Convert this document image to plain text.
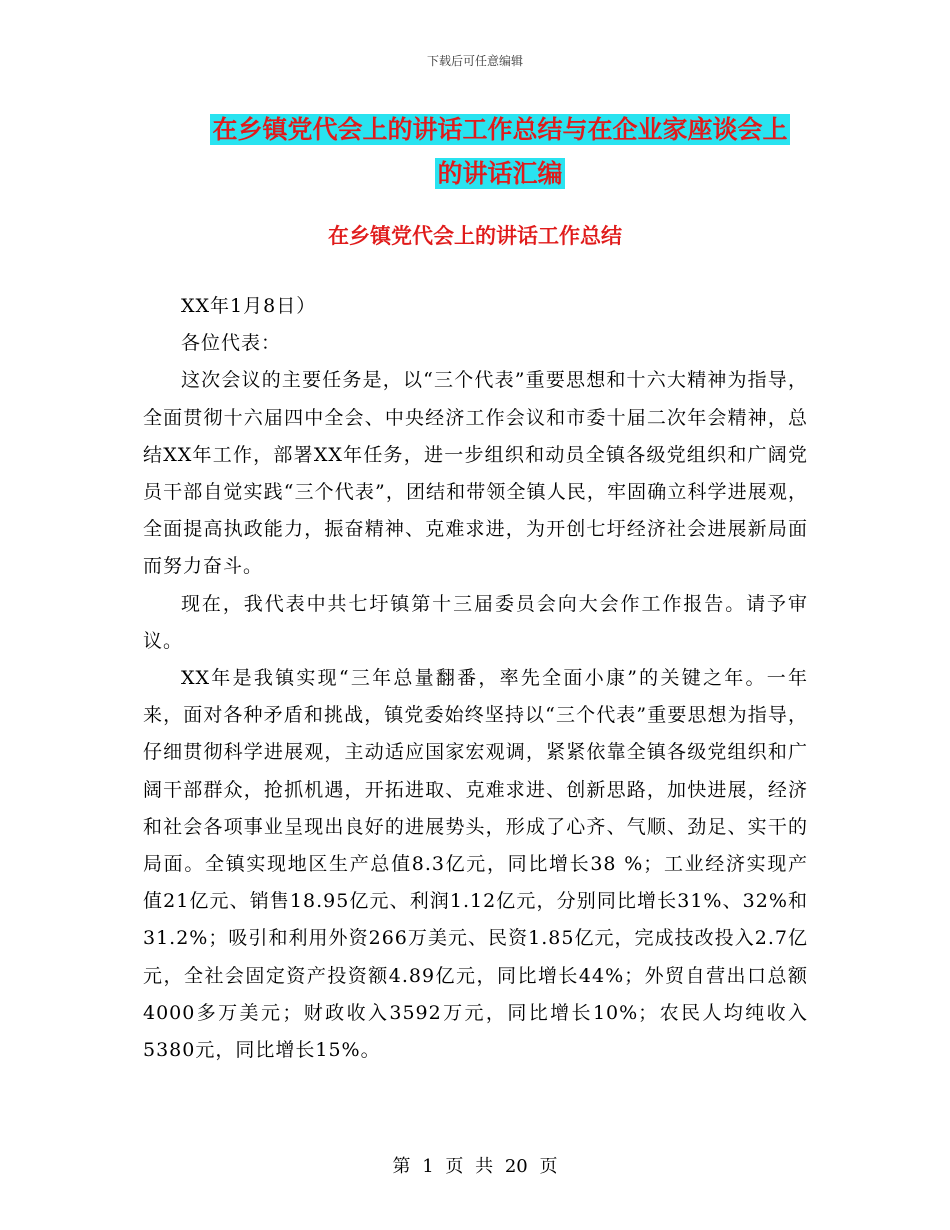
下载后可任意编辑
在乡镇党代会上的讲话工作总结与在企业家座谈会上
的讲话汇编
在乡镇党代会上的讲话工作总结

XX年1月8日）

各位代表：

这次会议的主要任务是，以“三个代表”重要思想和十六大精神为指导，全面贯彻十六届四中全会、中央经济工作会议和市委十届二次年会精神，总结XX年工作，部署XX年任务，进一步组织和动员全镇各级党组织和广阔党员干部自觉实践“三个代表”，团结和带领全镇人民，牢固确立科学进展观，全面提高执政能力，振奋精神、克难求进，为开创七圩经济社会进展新局面而努力奋斗。

现在，我代表中共七圩镇第十三届委员会向大会作工作报告。请予审议。

XX年是我镇实现“三年总量翻番，率先全面小康”的关键之年。一年来，面对各种矛盾和挑战，镇党委始终坚持以“三个代表”重要思想为指导，仔细贯彻科学进展观，主动适应国家宏观调，紧紧依靠全镇各级党组织和广阔干部群众，抢抓机遇，开拓进取、克难求进、创新思路，加快进展，经济和社会各项事业呈现出良好的进展势头，形成了心齐、气顺、劲足、实干的局面。全镇实现地区生产总值8.3亿元，同比增长38 %；工业经济实现产值21亿元、销售18.95亿元、利润1.12亿元，分别同比增长31%、32%和31.2%；吸引和利用外资266万美元、民资1.85亿元，完成技改投入2.7亿元，全社会固定资产投资额4.89亿元，同比增长44%；外贸自营出口总额4000多万美元；财政收入3592万元，同比增长10%；农民人均纯收入5380元，同比增长15%。

第 1 页 共 20 页
